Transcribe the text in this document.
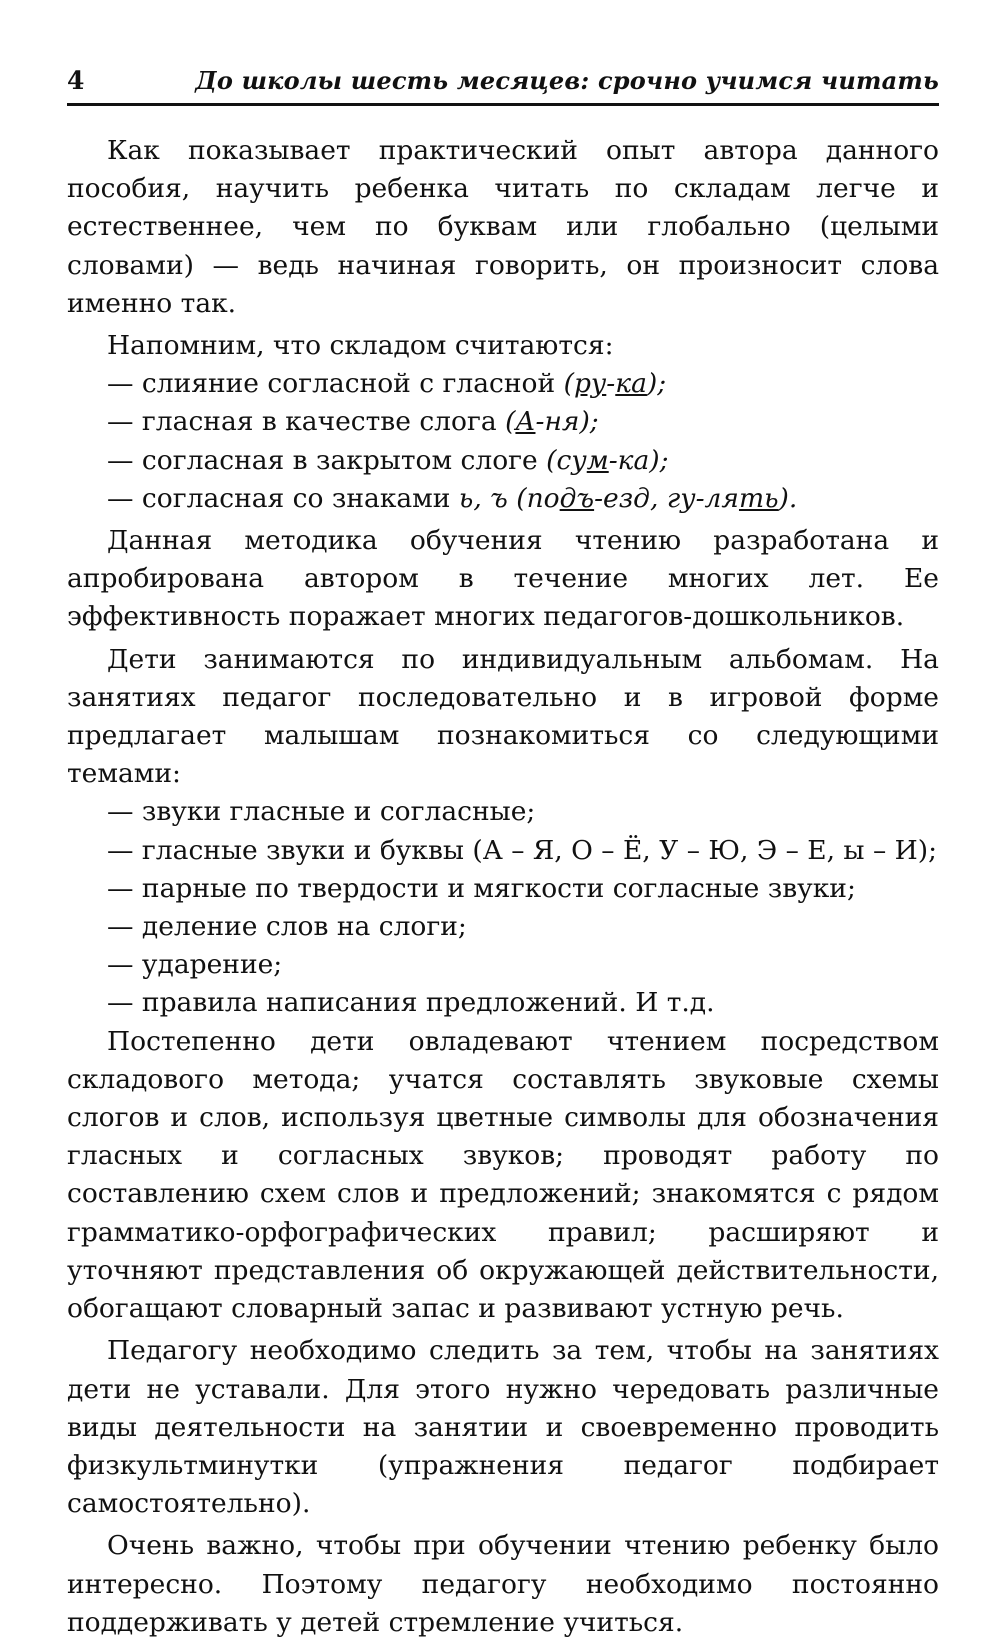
4	До школы шесть месяцев: срочно учимся читать

Как показывает практический опыт автора данного пособия, научить ребенка читать по складам легче и естественнее, чем по буквам или глобально (целыми словами) — ведь начиная говорить, он произносит слова именно так.

Напомним, что складом считаются:

— слияние согласной с гласной (ру-ка);
— гласная в качестве слога (А-ня);
— согласная в закрытом слоге (сум-ка);
— согласная со знаками ь, ъ (подъ-езд, гу-лять).

Данная методика обучения чтению разработана и апробирована автором в течение многих лет. Ее эффективность поражает многих педагогов-дошкольников.

Дети занимаются по индивидуальным альбомам. На занятиях педагог последовательно и в игровой форме предлагает малышам познакомиться со следующими темами:

— звуки гласные и согласные;
— гласные звуки и буквы (А – Я, О – Ё, У – Ю, Э – Е, ы – И);
— парные по твердости и мягкости согласные звуки;
— деление слов на слоги;
— ударение;
— правила написания предложений. И т.д.

Постепенно дети овладевают чтением посредством складового метода; учатся составлять звуковые схемы слогов и слов, используя цветные символы для обозначения гласных и согласных звуков; проводят работу по составлению схем слов и предложений; знакомятся с рядом грамматико-орфографических правил; расширяют и уточняют представления об окружающей действительности, обогащают словарный запас и развивают устную речь.

Педагогу необходимо следить за тем, чтобы на занятиях дети не уставали. Для этого нужно чередовать различные виды деятельности на занятии и своевременно проводить физкультминутки (упражнения педагог подбирает самостоятельно).

Очень важно, чтобы при обучении чтению ребенку было интересно. Поэтому педагогу необходимо постоянно поддерживать у детей стремление учиться.
